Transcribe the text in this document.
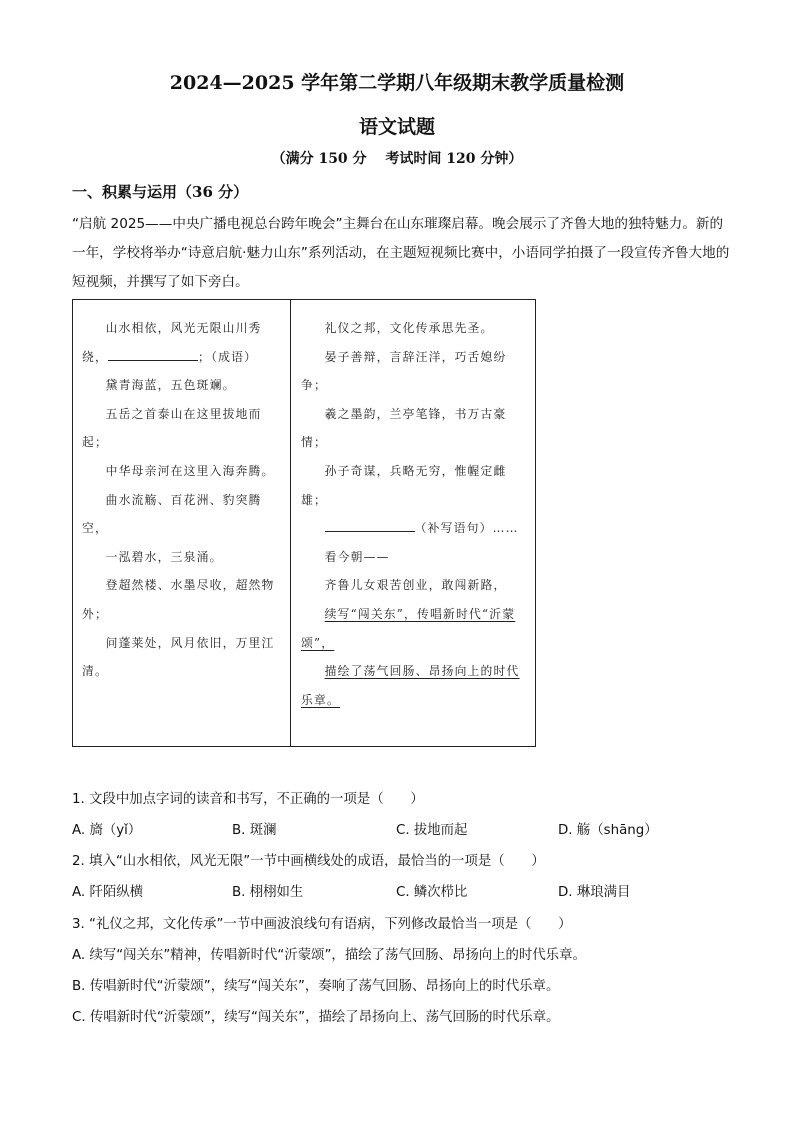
2024—2025 学年第二学期八年级期末教学质量检测
语文试题
（满分 150 分　 考试时间 120 分钟）
一、积累与运用（36 分）
“启航 2025——中央广播电视总台跨年晚会”主舞台在山东璀璨启幕。晚会展示了齐鲁大地的独特魅力。新的一年，学校将举办“诗意启航·魅力山东”系列活动，在主题短视频比赛中，小语同学拍摄了一段宣传齐鲁大地的短视频，并撰写了如下旁白。

山水相依，风光无限山川秀绕，	；（成语）

黛青海蓝，五色斑斓。

五岳之首泰山在这里拔地而起；

中华母亲河在这里入海奔腾。

曲水流觞、百花洲、豹突腾空，

一泓碧水，三泉涌。

登超然楼、水墨尽收，超然物外；

问蓬莱处，风月依旧，万里江清。

礼仪之邦，文化传承思先圣。

晏子善辩，言辞汪洋，巧舌媳纷争；

羲之墨韵，兰亭笔锋，书万古豪情；

孙子奇谋，兵略无穷，惟幄定雌雄；

（补写语句）……

看今朝——

齐鲁儿女艰苦创业，敢闯新路，

续写“闯关东”，传唱新时代“沂蒙颂”，

描绘了荡气回肠、昂扬向上的时代乐章。

1. 文段中加点字词的读音和书写，不正确的一项是（　　）
A. 旖（yǐ）	B. 斑澜	C. 拔地而起	D. 觞（shāng）
2. 填入“山水相依，风光无限”一节中画横线处的成语，最恰当的一项是（　　）
A. 阡陌纵横	B. 栩栩如生	C. 鳞次栉比	D. 琳琅满目
3. “礼仪之邦，文化传承”一节中画波浪线句有语病，下列修改最恰当一项是（　　）
A. 续写“闯关东”精神，传唱新时代“沂蒙颂”，描绘了荡气回肠、昂扬向上的时代乐章。
B. 传唱新时代“沂蒙颂”，续写“闯关东”，奏响了荡气回肠、昂扬向上的时代乐章。
C. 传唱新时代“沂蒙颂”，续写“闯关东”，描绘了昂扬向上、荡气回肠的时代乐章。
